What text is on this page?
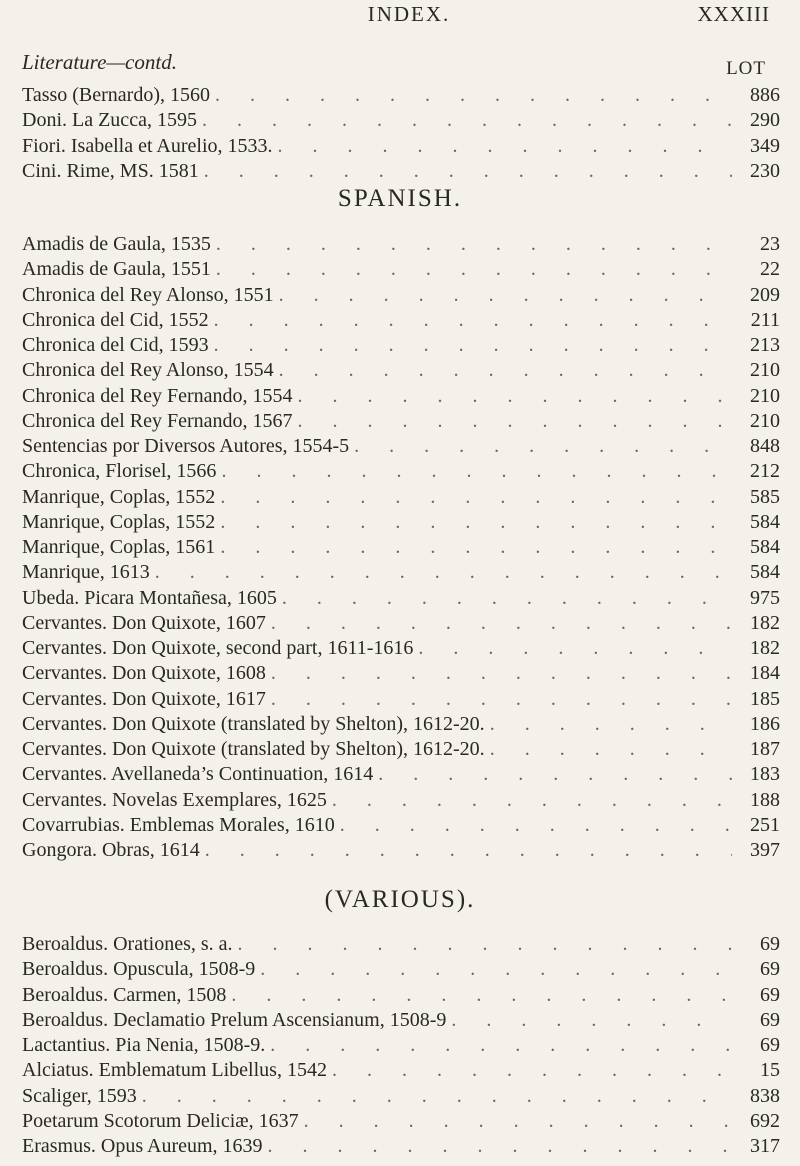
INDEX.	XXXIII
Literature—contd.	LOT
Tasso (Bernardo), 1560 .	886
Doni. La Zucca, 1595 .	290
Fiori. Isabella et Aurelio, 1533. .	349
Cini. Rime, MS. 1581 .	230
SPANISH.
Amadis de Gaula, 1535 .	23
Amadis de Gaula, 1551 .	22
Chronica del Rey Alonso, 1551 .	209
Chronica del Cid, 1552 .	211
Chronica del Cid, 1593 .	213
Chronica del Rey Alonso, 1554 .	210
Chronica del Rey Fernando, 1554 .	210
Chronica del Rey Fernando, 1567 .	210
Sentencias por Diversos Autores, 1554-5 .	848
Chronica, Florisel, 1566 .	212
Manrique, Coplas, 1552 .	585
Manrique, Coplas, 1552 .	584
Manrique, Coplas, 1561 .	584
Manrique, 1613 .	584
Ubeda. Picara Montañesa, 1605 .	975
Cervantes. Don Quixote, 1607 .	182
Cervantes. Don Quixote, second part, 1611-1616 .	182
Cervantes. Don Quixote, 1608 .	184
Cervantes. Don Quixote, 1617 .	185
Cervantes. Don Quixote (translated by Shelton), 1612-20. .	186
Cervantes. Don Quixote (translated by Shelton), 1612-20. .	187
Cervantes. Avellaneda’s Continuation, 1614 .	183
Cervantes. Novelas Exemplares, 1625 .	188
Covarrubias. Emblemas Morales, 1610 .	251
Gongora. Obras, 1614 .	397
(VARIOUS).
Beroaldus. Orationes, s. a. .	69
Beroaldus. Opuscula, 1508-9 .	69
Beroaldus. Carmen, 1508 .	69
Beroaldus. Declamatio Prelum Ascensianum, 1508-9 .	69
Lactantius. Pia Nenia, 1508-9. .	69
Alciatus. Emblematum Libellus, 1542 .	15
Scaliger, 1593 .	838
Poetarum Scotorum Deliciæ, 1637 .	692
Erasmus. Opus Aureum, 1639 .	317
